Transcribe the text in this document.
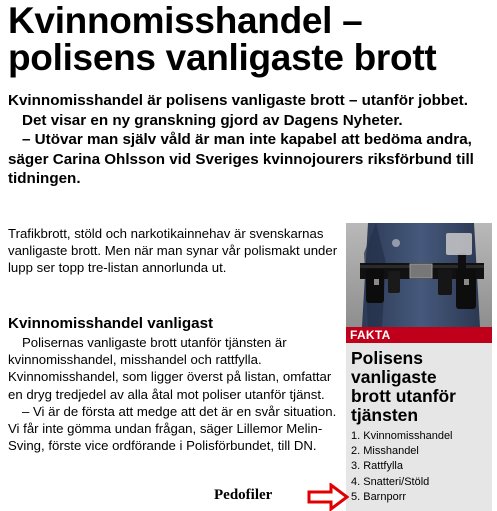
Kvinnomisshandel –
polisens vanligaste brott

Kvinnomisshandel är polisens vanligaste brott – utanför jobbet.

Det visar en ny granskning gjord av Dagens Nyheter.

– Utövar man själv våld är man inte kapabel att bedöma andra, säger Carina Ohlsson vid Sveriges kvinnojourers riksförbund till tidningen.

Trafikbrott, stöld och narkotikainnehav är svenskarnas vanligaste brott. Men när man synar vår polismakt under lupp ser topp tre-listan annorlunda ut.

Kvinnomisshandel vanligast

Polisernas vanligaste brott utanför tjänsten är kvinnomisshandel, misshandel och rattfylla. Kvinnomisshandel, som ligger överst på listan, omfattar en dryg tredjedel av alla åtal mot poliser utanför tjänst.

– Vi är de första att medge att det är en svår situation. Vi får inte gömma undan frågan, säger Lillemor Melin-Sving, förste vice ordförande i Polisförbundet, till DN.

FAKTA
Polisens
vanligaste
brott utanför
tjänsten
1. Kvinnomisshandel
2. Misshandel
3. Rattfylla
4. Snatteri/Stöld
5. Barnporr
Pedofiler
